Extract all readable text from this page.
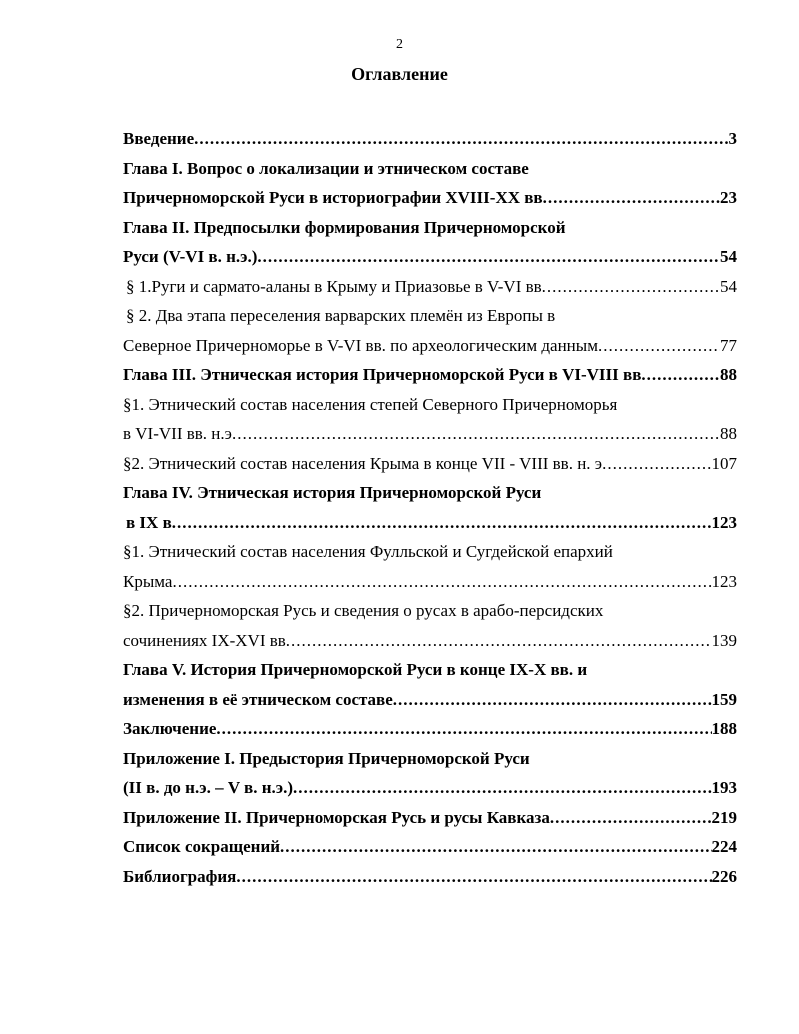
2
Оглавление
Введение .....	3
Глава I. Вопрос о локализации и этническом составе
Причерноморской Руси в историографии XVIII-XX вв .....	23
Глава II. Предпосылки формирования Причерноморской
Руси (V-VI в. н.э.) .....	54
§ 1.Руги и сармато-аланы в Крыму и Приазовье в V-VI вв .....	54
§ 2. Два этапа переселения варварских племён из Европы в
Северное Причерноморье в V-VI вв. по археологическим данным .....	77
Глава III. Этническая история Причерноморской Руси в VI-VIII вв .....	88
§1. Этнический состав населения степей Северного Причерноморья
в VI-VII вв. н.э .....	88
§2. Этнический состав населения Крыма в конце VII - VIII вв. н. э .....	107
Глава IV. Этническая история Причерноморской Руси
в IX в .....	123
§1. Этнический состав населения Фулльской и Сугдейской епархий
Крыма .....	123
§2. Причерноморская Русь и сведения о русах в арабо-персидских
сочинениях IX-XVI вв .....	139
Глава V. История Причерноморской Руси в конце IX-X вв. и
изменения в её этническом составе .....	159
Заключение .....	188
Приложение I. Предыстория Причерноморской Руси
(II в. до н.э. – V в. н.э.) .....	193
Приложение II. Причерноморская Русь и русы Кавказа .....	219
Список сокращений .....	224
Библиография .....	226
